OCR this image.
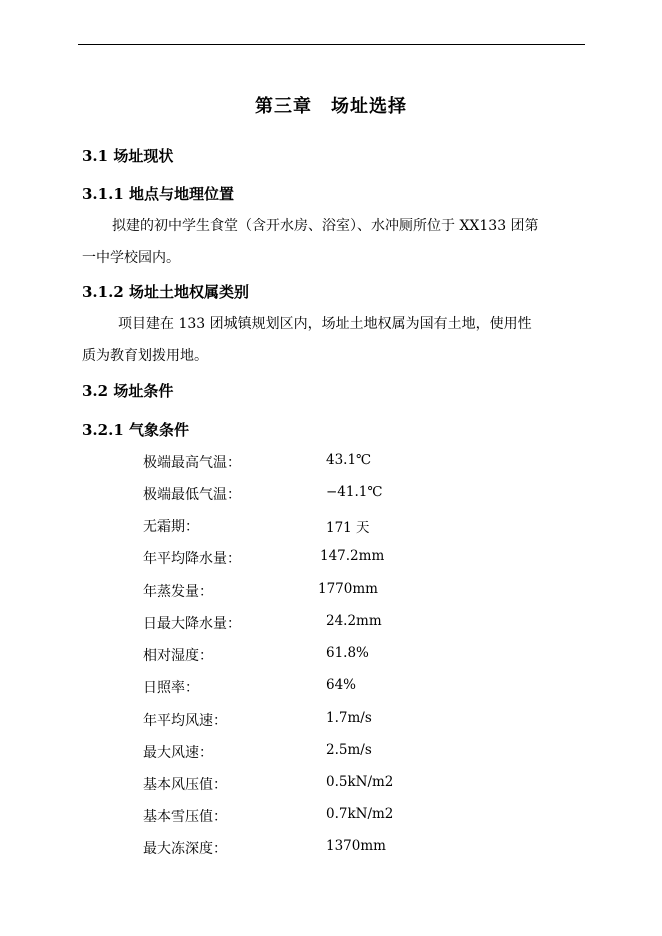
第三章　场址选择
3.1 场址现状
3.1.1 地点与地理位置
拟建的初中学生食堂（含开水房、浴室）、水冲厕所位于 XX133 团第
一中学校园内。
3.1.2 场址土地权属类别
项目建在 133 团城镇规划区内，场址土地权属为国有土地，使用性
质为教育划拨用地。
3.2 场址条件
3.2.1 气象条件
极端最高气温：	43.1℃
极端最低气温：	−41.1℃
无霜期：	171 天
年平均降水量：	147.2mm
年蒸发量：	1770mm
日最大降水量：	24.2mm
相对湿度：	61.8%
日照率：	64%
年平均风速：	1.7m/s
最大风速：	2.5m/s
基本风压值：	0.5kN/m2
基本雪压值：	0.7kN/m2
最大冻深度：	1370mm
